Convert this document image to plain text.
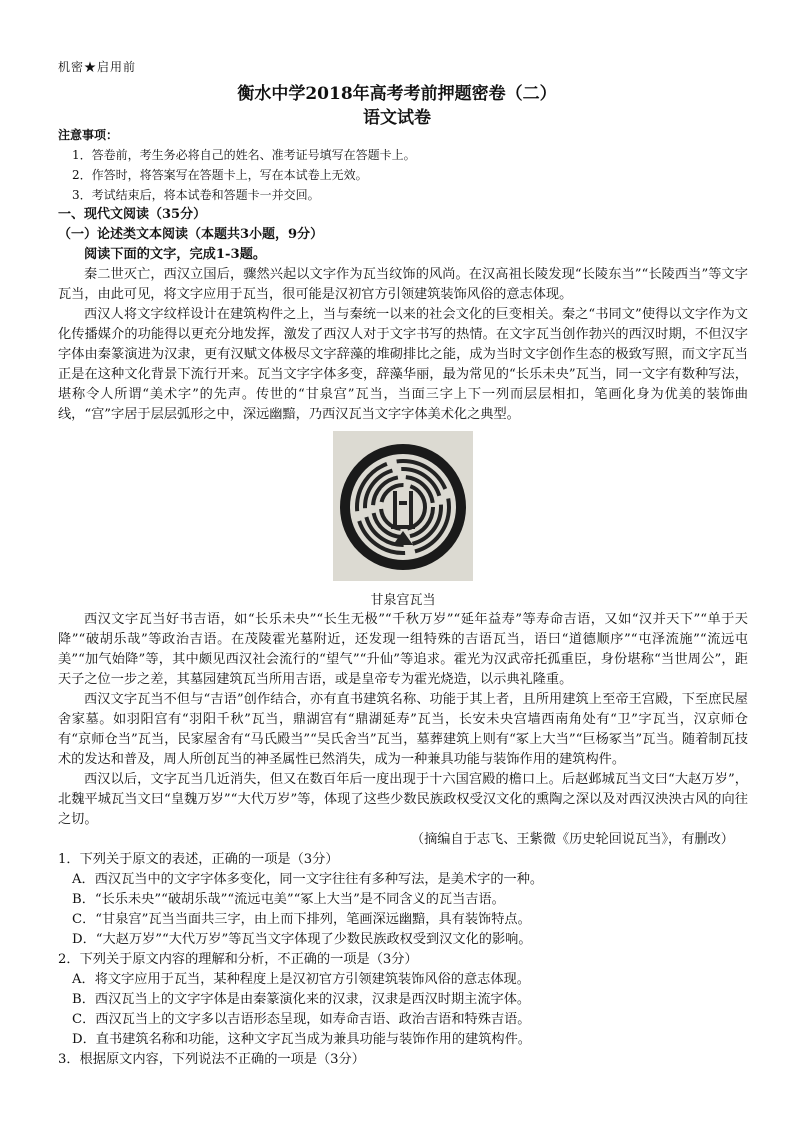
机密★启用前
衡水中学2018年高考考前押题密卷（二）
语文试卷
注意事项：
1．答卷前，考生务必将自己的姓名、准考证号填写在答题卡上。
2．作答时，将答案写在答题卡上，写在本试卷上无效。
3．考试结束后，将本试卷和答题卡一并交回。
一、现代文阅读（35分）
（一）论述类文本阅读（本题共3小题，9分）
阅读下面的文字，完成1-3题。

秦二世灭亡，西汉立国后，骤然兴起以文字作为瓦当纹饰的风尚。在汉高祖长陵发现“长陵东当”“长陵西当”等文字瓦当，由此可见，将文字应用于瓦当，很可能是汉初官方引领建筑装饰风俗的意志体现。

西汉人将文字纹样设计在建筑构件之上，当与秦统一以来的社会文化的巨变相关。秦之“书同文”使得以文字作为文化传播媒介的功能得以更充分地发挥，激发了西汉人对于文字书写的热情。在文字瓦当创作勃兴的西汉时期，不但汉字字体由秦篆演进为汉隶，更有汉赋文体极尽文字辞藻的堆砌排比之能，成为当时文字创作生态的极致写照，而文字瓦当正是在这种文化背景下流行开来。瓦当文字字体多变，辞藻华丽，最为常见的“长乐未央”瓦当，同一文字有数种写法，堪称令人所谓“美术字”的先声。传世的“甘泉宫”瓦当，当面三字上下一列而层层相扣，笔画化身为优美的装饰曲线，“宫”字居于层层弧形之中，深远幽黯，乃西汉瓦当文字字体美术化之典型。

甘泉宫瓦当

西汉文字瓦当好书吉语，如“长乐未央”“长生无极”“千秋万岁”“延年益寿”等寿命吉语，又如“汉并天下”“单于天降”“破胡乐哉”等政治吉语。在茂陵霍光墓附近，还发现一组特殊的吉语瓦当，语曰“道德顺序”“屯泽流施”“流远屯美”“加气始降”等，其中颇见西汉社会流行的“望气”“升仙”等追求。霍光为汉武帝托孤重臣，身份堪称“当世周公”，距天子之位一步之差，其墓园建筑瓦当所用吉语，或是皇帝专为霍光烧造，以示典礼隆重。

西汉文字瓦当不但与“吉语”创作结合，亦有直书建筑名称、功能于其上者，且所用建筑上至帝王宫殿，下至庶民屋舍家墓。如羽阳宫有“羽阳千秋”瓦当，鼎湖宫有“鼎湖延寿”瓦当，长安未央宫墙西南角处有“卫”字瓦当，汉京师仓有“京师仓当”瓦当，民家屋舍有“马氏殿当”“吴氏舍当”瓦当，墓葬建筑上则有“冢上大当”“巨杨冢当”瓦当。随着制瓦技术的发达和普及，周人所创瓦当的神圣属性已然消失，成为一种兼具功能与装饰作用的建筑构件。

西汉以后，文字瓦当几近消失，但又在数百年后一度出现于十六国宫殿的檐口上。后赵邺城瓦当文曰“大赵万岁”，北魏平城瓦当文曰“皇魏万岁”“大代万岁”等，体现了这些少数民族政权受汉文化的熏陶之深以及对西汉泱泱古风的向往之切。

（摘编自于志飞、王紫微《历史轮回说瓦当》，有删改）

1．下列关于原文的表述，正确的一项是（3分）

A．西汉瓦当中的文字字体多变化，同一文字往往有多种写法，是美术字的一种。

B．“长乐未央”“破胡乐哉”“流远屯美”“冢上大当”是不同含义的瓦当吉语。

C．“甘泉宫”瓦当当面共三字，由上而下排列，笔画深远幽黯，具有装饰特点。

D．“大赵万岁”“大代万岁”等瓦当文字体现了少数民族政权受到汉文化的影响。

2．下列关于原文内容的理解和分析，不正确的一项是（3分）

A．将文字应用于瓦当，某种程度上是汉初官方引领建筑装饰风俗的意志体现。

B．西汉瓦当上的文字字体是由秦篆演化来的汉隶，汉隶是西汉时期主流字体。

C．西汉瓦当上的文字多以吉语形态呈现，如寿命吉语、政治吉语和特殊吉语。

D．直书建筑名称和功能，这种文字瓦当成为兼具功能与装饰作用的建筑构件。

3．根据原文内容，下列说法不正确的一项是（3分）
